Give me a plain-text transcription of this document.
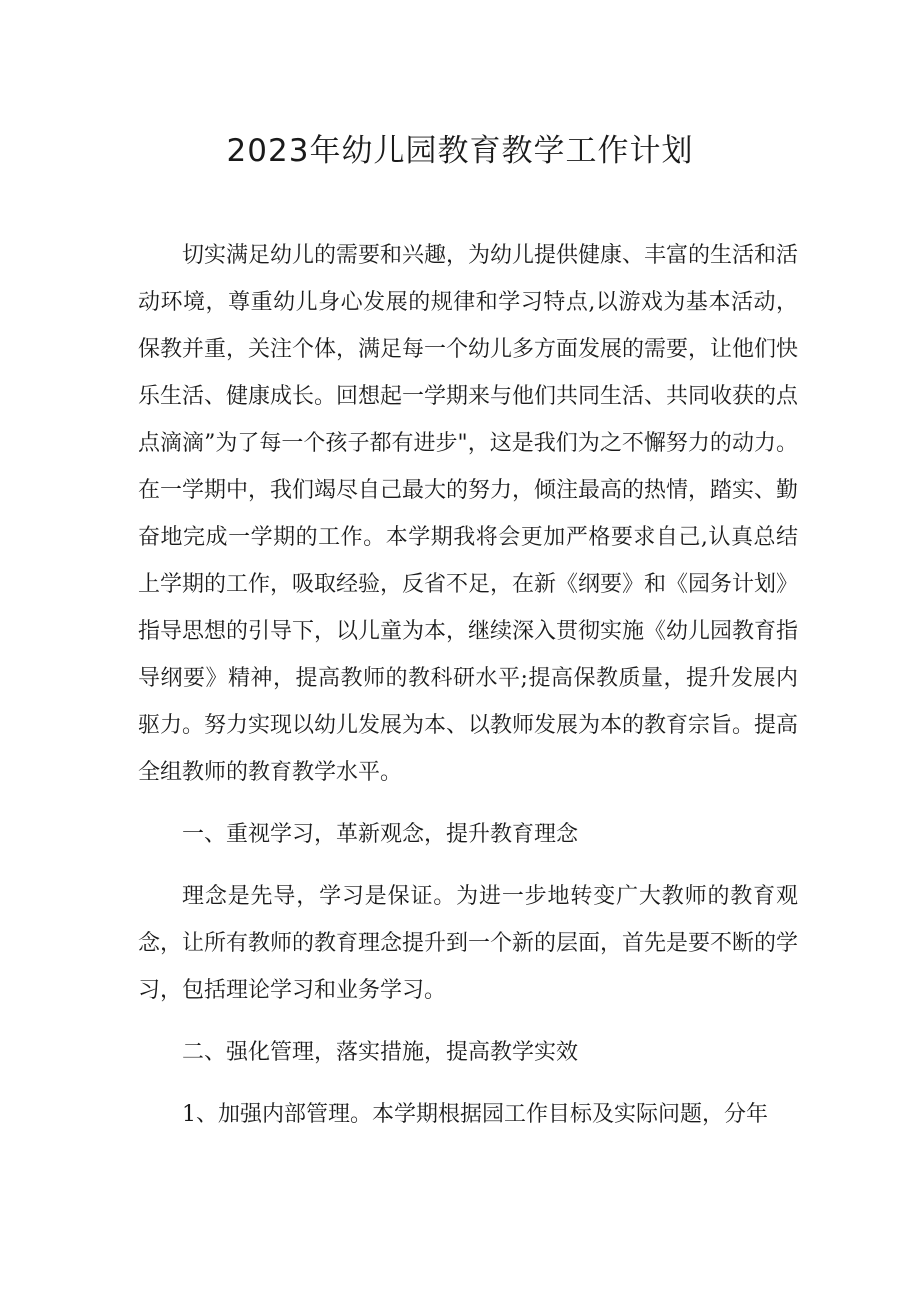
2023年幼儿园教育教学工作计划

切实满足幼儿的需要和兴趣，为幼儿提供健康、丰富的生活和活动环境，尊重幼儿身心发展的规律和学习特点,以游戏为基本活动，保教并重，关注个体，满足每一个幼儿多方面发展的需要，让他们快乐生活、健康成长。回想起一学期来与他们共同生活、共同收获的点点滴滴”为了每一个孩子都有进步"，这是我们为之不懈努力的动力。在一学期中，我们竭尽自己最大的努力，倾注最高的热情，踏实、勤奋地完成一学期的工作。本学期我将会更加严格要求自己,认真总结上学期的工作，吸取经验，反省不足，在新《纲要》和《园务计划》指导思想的引导下，以儿童为本，继续深入贯彻实施《幼儿园教育指导纲要》精神，提高教师的教科研水平;提高保教质量，提升发展内驱力。努力实现以幼儿发展为本、以教师发展为本的教育宗旨。提高全组教师的教育教学水平。

一、重视学习，革新观念，提升教育理念

理念是先导，学习是保证。为进一步地转变广大教师的教育观念，让所有教师的教育理念提升到一个新的层面，首先是要不断的学习，包括理论学习和业务学习。

二、强化管理，落实措施，提高教学实效

1、加强内部管理。本学期根据园工作目标及实际问题，分年
